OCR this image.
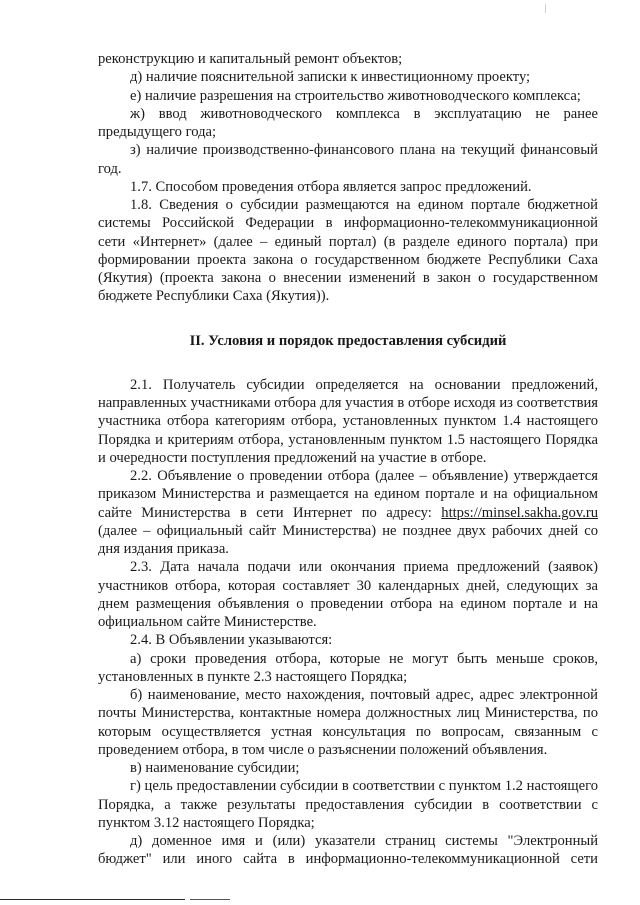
реконструкцию и капитальный ремонт объектов;

д) наличие пояснительной записки к инвестиционному проекту;

е) наличие разрешения на строительство животноводческого комплекса;

ж) ввод животноводческого комплекса в эксплуатацию не ранее предыдущего года;

з) наличие производственно-финансового плана на текущий финансовый год.

1.7. Способом проведения отбора является запрос предложений.

1.8. Сведения о субсидии размещаются на едином портале бюджетной системы Российской Федерации в информационно-телекоммуникационной сети «Интернет» (далее – единый портал) (в разделе единого портала) при формировании проекта закона о государственном бюджете Республики Саха (Якутия) (проекта закона о внесении изменений в закон о государственном бюджете Республики Саха (Якутия)).

II. Условия и порядок предоставления субсидий

2.1. Получатель субсидии определяется на основании предложений, направленных участниками отбора для участия в отборе исходя из соответствия участника отбора категориям отбора, установленных пунктом 1.4 настоящего Порядка и критериям отбора, установленным пунктом 1.5 настоящего Порядка и очередности поступления предложений на участие в отборе.

2.2. Объявление о проведении отбора (далее – объявление) утверждается приказом Министерства и размещается на едином портале и на официальном сайте Министерства в сети Интернет по адресу: https://minsel.sakha.gov.ru (далее – официальный сайт Министерства) не позднее двух рабочих дней со дня издания приказа.

2.3. Дата начала подачи или окончания приема предложений (заявок) участников отбора, которая составляет 30 календарных дней, следующих за днем размещения объявления о проведении отбора на едином портале и на официальном сайте Министерстве.

2.4. В Объявлении указываются:

а) сроки проведения отбора, которые не могут быть меньше сроков, установленных в пункте 2.3 настоящего Порядка;

б) наименование, место нахождения, почтовый адрес, адрес электронной почты Министерства, контактные номера должностных лиц Министерства, по которым осуществляется устная консультация по вопросам, связанным с проведением отбора, в том числе о разъяснении положений объявления.

в) наименование субсидии;

г) цель предоставлении субсидии в соответствии с пунктом 1.2 настоящего Порядка, а также результаты предоставления субсидии в соответствии с пунктом 3.12 настоящего Порядка;

д) доменное имя и (или) указатели страниц системы "Электронный бюджет" или иного сайта в информационно-телекоммуникационной сети
